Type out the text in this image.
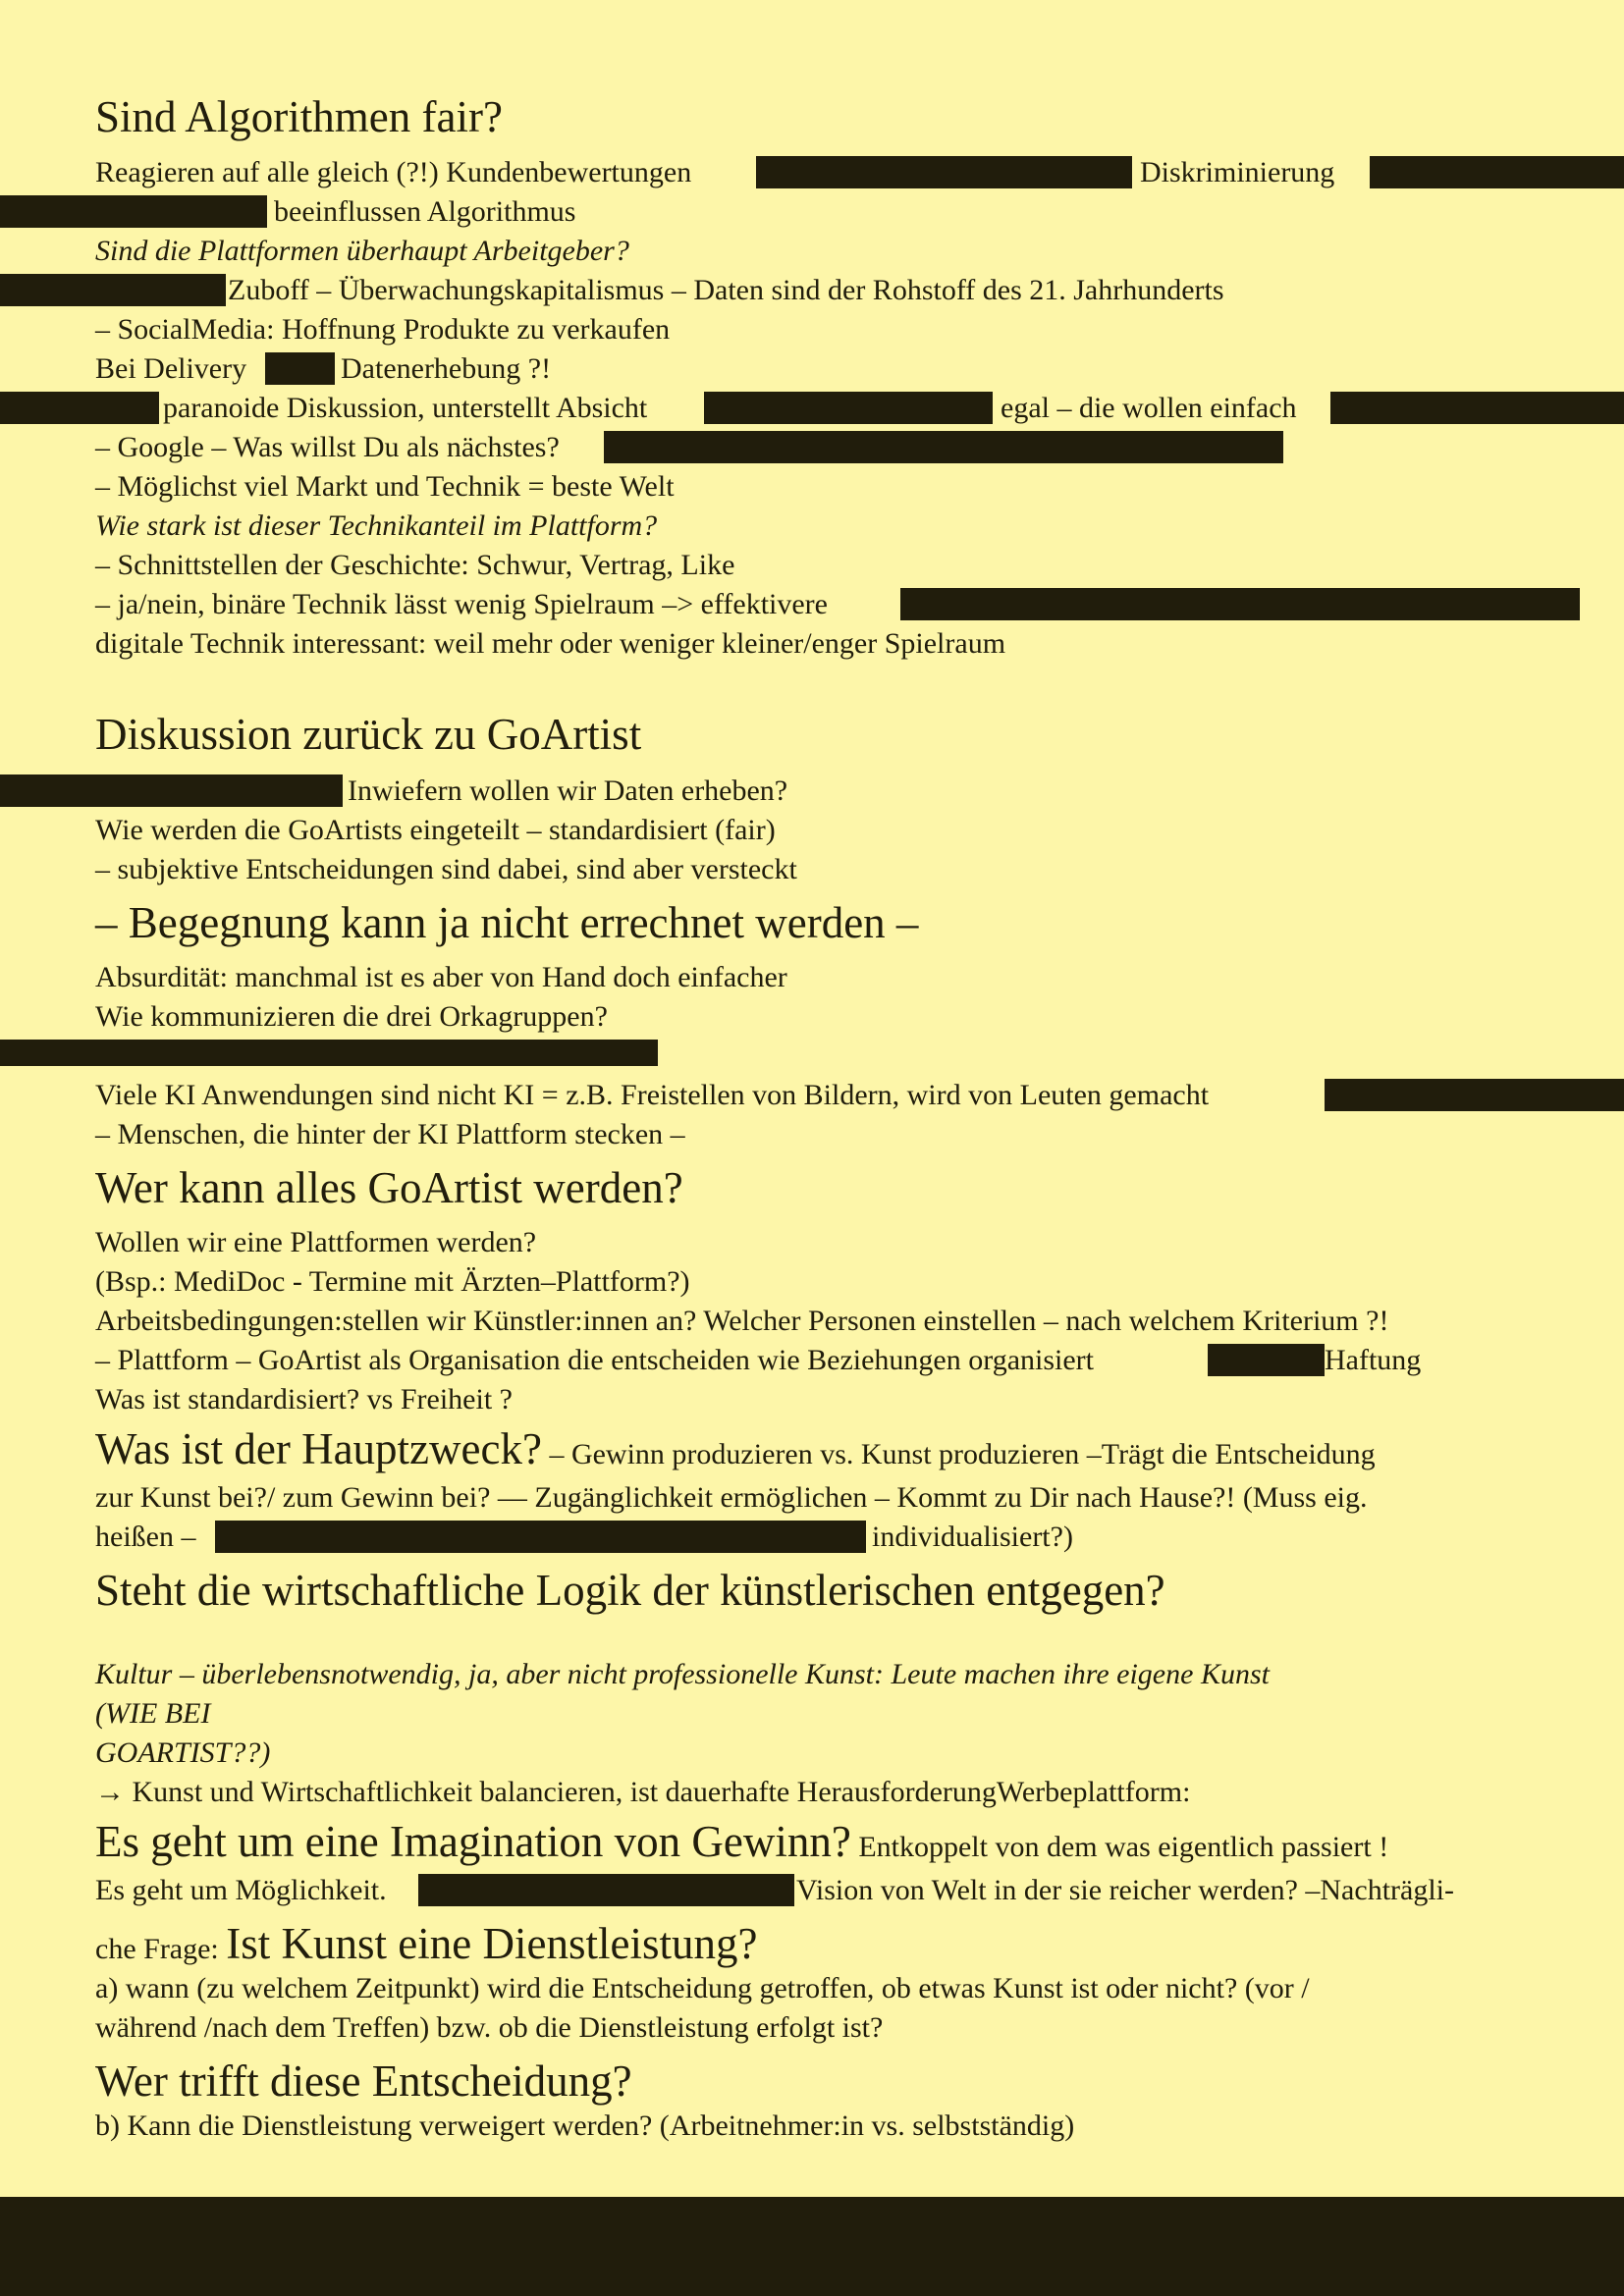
Sind Algorithmen fair?
Reagieren auf alle gleich (?!) Kundenbewertungen	Diskriminierung
beeinflussen Algorithmus
Sind die Plattformen überhaupt Arbeitgeber?
Zuboff – Überwachungskapitalismus – Daten sind der Rohstoff des 21. Jahrhunderts
– SocialMedia: Hoffnung Produkte zu verkaufen
Bei Delivery	Datenerhebung ?!
paranoide Diskussion, unterstellt Absicht	egal – die wollen einfach
– Google – Was willst Du als nächstes?
– Möglichst viel Markt und Technik = beste Welt
Wie stark ist dieser Technikanteil im Plattform?
– Schnittstellen der Geschichte: Schwur, Vertrag, Like
– ja/nein, binäre Technik lässt wenig Spielraum –> effektivere
digitale Technik interessant: weil mehr oder weniger kleiner/enger Spielraum
Diskussion zurück zu GoArtist
Inwiefern wollen wir Daten erheben?
Wie werden die GoArtists eingeteilt – standardisiert (fair)
– subjektive Entscheidungen sind dabei, sind aber versteckt
– Begegnung kann ja nicht errechnet werden –
Absurdität: manchmal ist es aber von Hand doch einfacher
Wie kommunizieren die drei Orkagruppen?
Viele KI Anwendungen sind nicht KI = z.B. Freistellen von Bildern, wird von Leuten gemacht
– Menschen, die hinter der KI Plattform stecken –
Wer kann alles GoArtist werden?
Wollen wir eine Plattformen werden?
(Bsp.: MediDoc - Termine mit Ärzten–Plattform?)
Arbeitsbedingungen:stellen wir Künstler:innen an? Welcher Personen einstellen – nach welchem Kriterium ?!
– Plattform – GoArtist als Organisation die entscheiden wie Beziehungen organisiert	Haftung
Was ist standardisiert? vs Freiheit ?
Was ist der Hauptzweck? – Gewinn produzieren vs. Kunst produzieren –Trägt die Entscheidung
zur Kunst bei?/ zum Gewinn bei? –– Zugänglichkeit ermöglichen – Kommt zu Dir nach Hause?! (Muss eig.
heißen –	individualisiert?)
Steht die wirtschaftliche Logik der künstlerischen entgegen?
Kultur – überlebensnotwendig, ja, aber nicht professionelle Kunst: Leute machen ihre eigene Kunst
(WIE BEI
GOARTIST??)
→ Kunst und Wirtschaftlichkeit balancieren, ist dauerhafte HerausforderungWerbeplattform:
Es geht um eine Imagination von Gewinn? Entkoppelt von dem was eigentlich passiert !
Es geht um Möglichkeit.	Vision von Welt in der sie reicher werden? –Nachträgli-
che Frage: Ist Kunst eine Dienstleistung?
a) wann (zu welchem Zeitpunkt) wird die Entscheidung getroffen, ob etwas Kunst ist oder nicht? (vor /
während /nach dem Treffen) bzw. ob die Dienstleistung erfolgt ist?
Wer trifft diese Entscheidung?
b) Kann die Dienstleistung verweigert werden? (Arbeitnehmer:in vs. selbstständig)
